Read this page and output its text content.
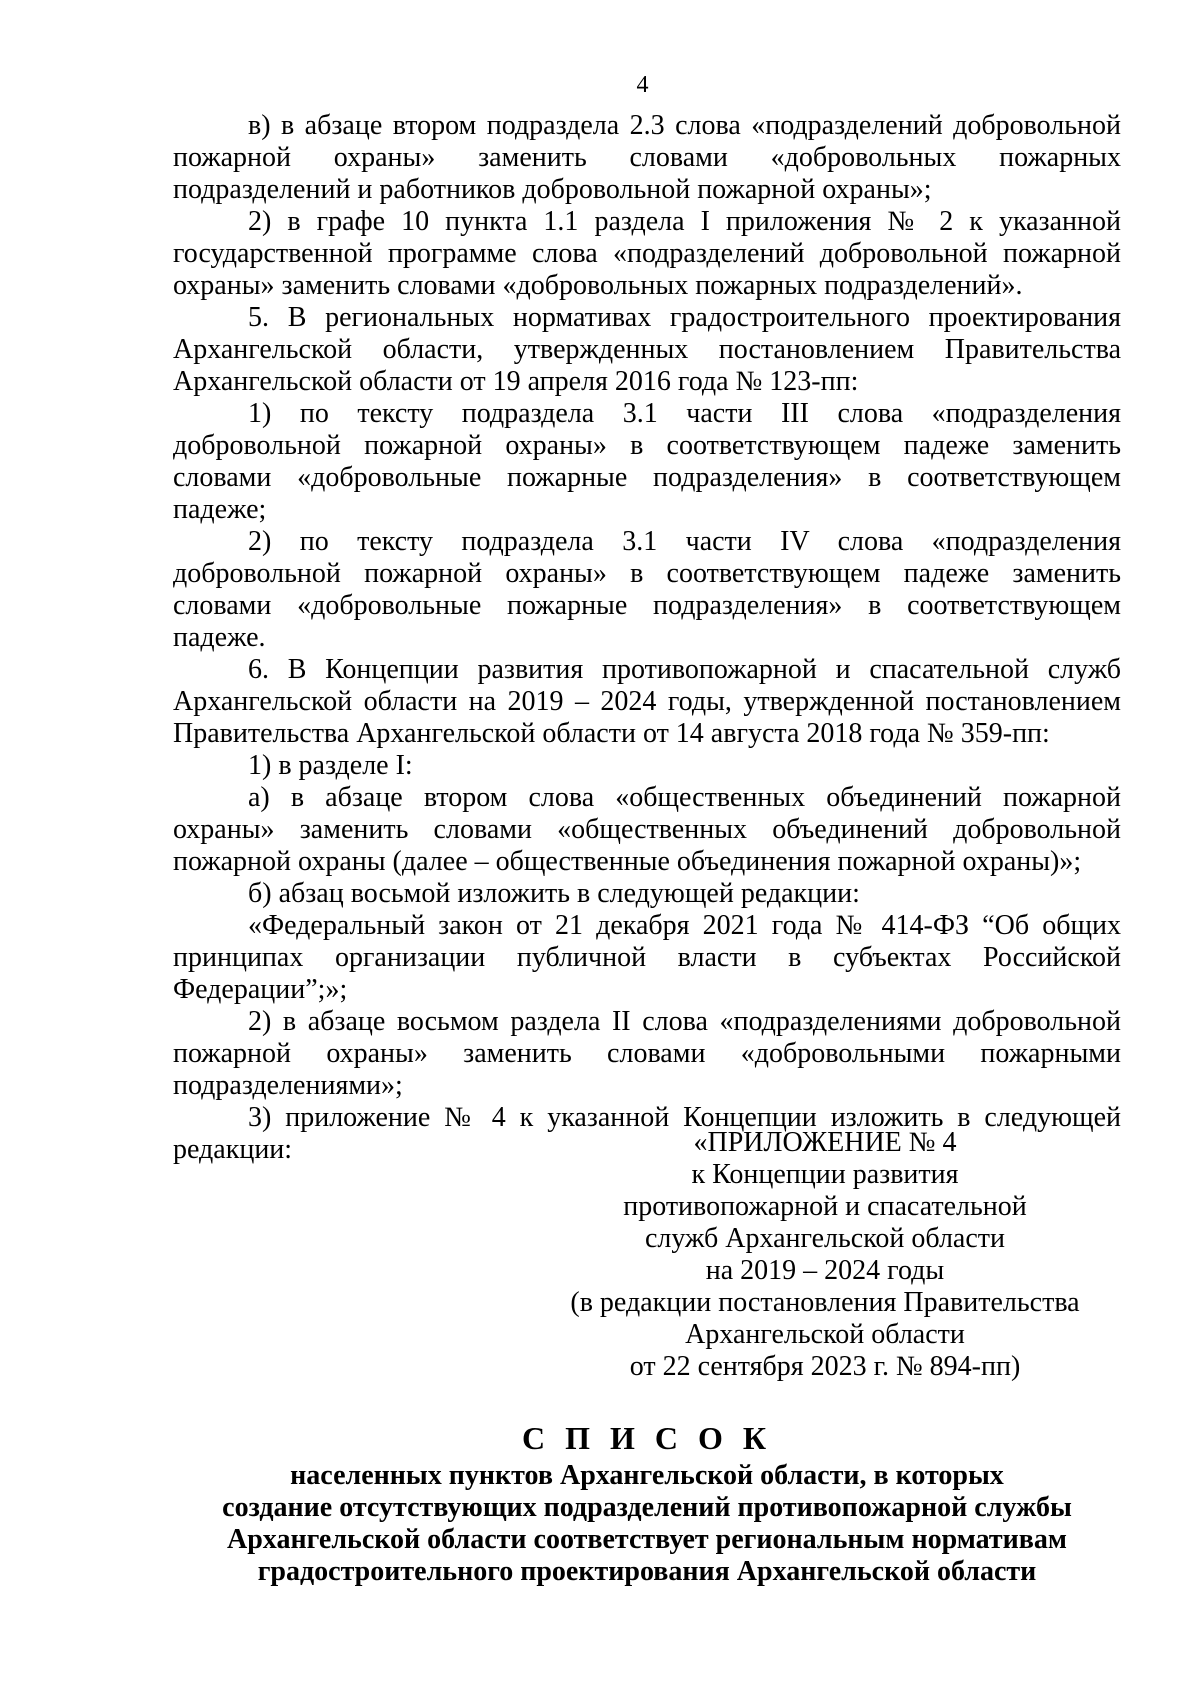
4

в) в абзаце втором подраздела 2.3 слова «подразделений добровольной пожарной охраны» заменить словами «добровольных пожарных подразделений и работников добровольной пожарной охраны»;

2) в графе 10 пункта 1.1 раздела I приложения № 2 к указанной государственной программе слова «подразделений добровольной пожарной охраны» заменить словами «добровольных пожарных подразделений».

5. В региональных нормативах градостроительного проектирования Архангельской области, утвержденных постановлением Правительства Архангельской области от 19 апреля 2016 года № 123-пп:

1) по тексту подраздела 3.1 части III слова «подразделения добровольной пожарной охраны» в соответствующем падеже заменить словами «добровольные пожарные подразделения» в соответствующем падеже;

2) по тексту подраздела 3.1 части IV слова «подразделения добровольной пожарной охраны» в соответствующем падеже заменить словами «добровольные пожарные подразделения» в соответствующем падеже.

6. В Концепции развития противопожарной и спасательной служб Архангельской области на 2019 – 2024 годы, утвержденной постановлением Правительства Архангельской области от 14 августа 2018 года № 359-пп:

1) в разделе I:

а) в абзаце втором слова «общественных объединений пожарной охраны» заменить словами «общественных объединений добровольной пожарной охраны (далее – общественные объединения пожарной охраны)»;

б) абзац восьмой изложить в следующей редакции:

«Федеральный закон от 21 декабря 2021 года № 414-ФЗ “Об общих принципах организации публичной власти в субъектах Российской Федерации”;»;

2) в абзаце восьмом раздела II слова «подразделениями добровольной пожарной охраны» заменить словами «добровольными пожарными подразделениями»;

3) приложение № 4 к указанной Концепции изложить в следующей редакции:	«ПРИЛОЖЕНИЕ № 4
к Концепции развития
противопожарной и спасательной
служб Архангельской области
на 2019 – 2024 годы
(в редакции постановления Правительства
Архангельской области
от 22 сентября 2023 г. № 894-пп)
С П И С О К
населенных пунктов Архангельской области, в которых
создание отсутствующих подразделений противопожарной службы
Архангельской области соответствует региональным нормативам
градостроительного проектирования Архангельской области
